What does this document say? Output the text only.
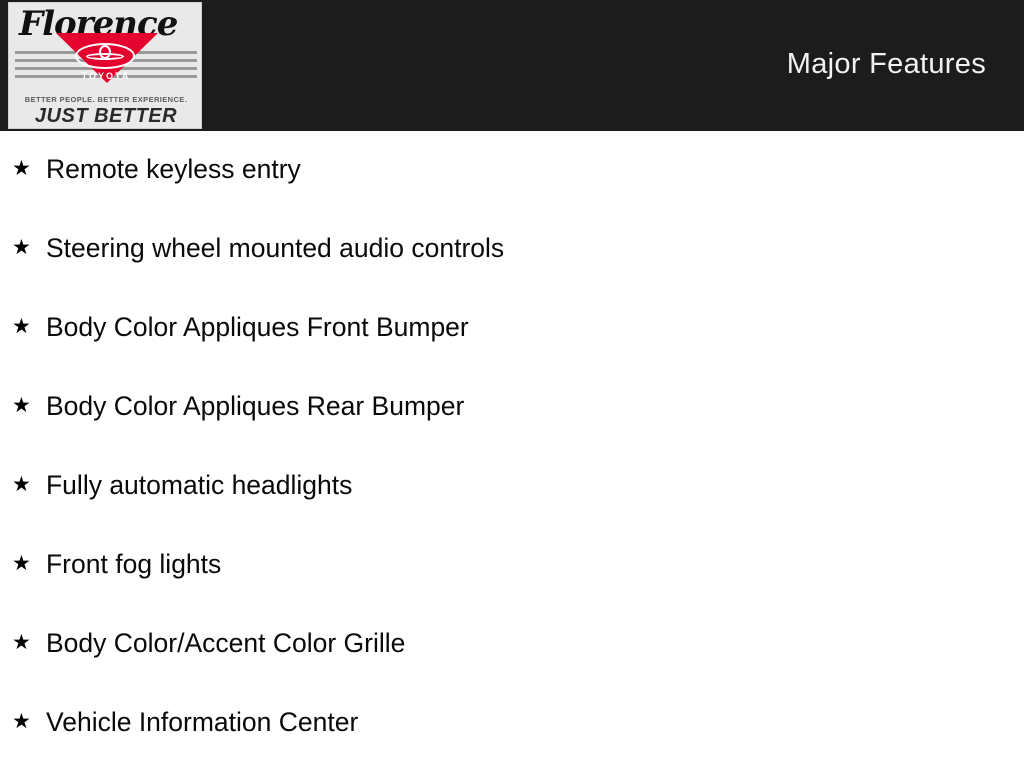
Florence
TOYOTA
BETTER PEOPLE. BETTER EXPERIENCE.
JUST BETTER
Major Features
★ Remote keyless entry
★ Steering wheel mounted audio controls
★ Body Color Appliques Front Bumper
★ Body Color Appliques Rear Bumper
★ Fully automatic headlights
★ Front fog lights
★ Body Color/Accent Color Grille
★ Vehicle Information Center
